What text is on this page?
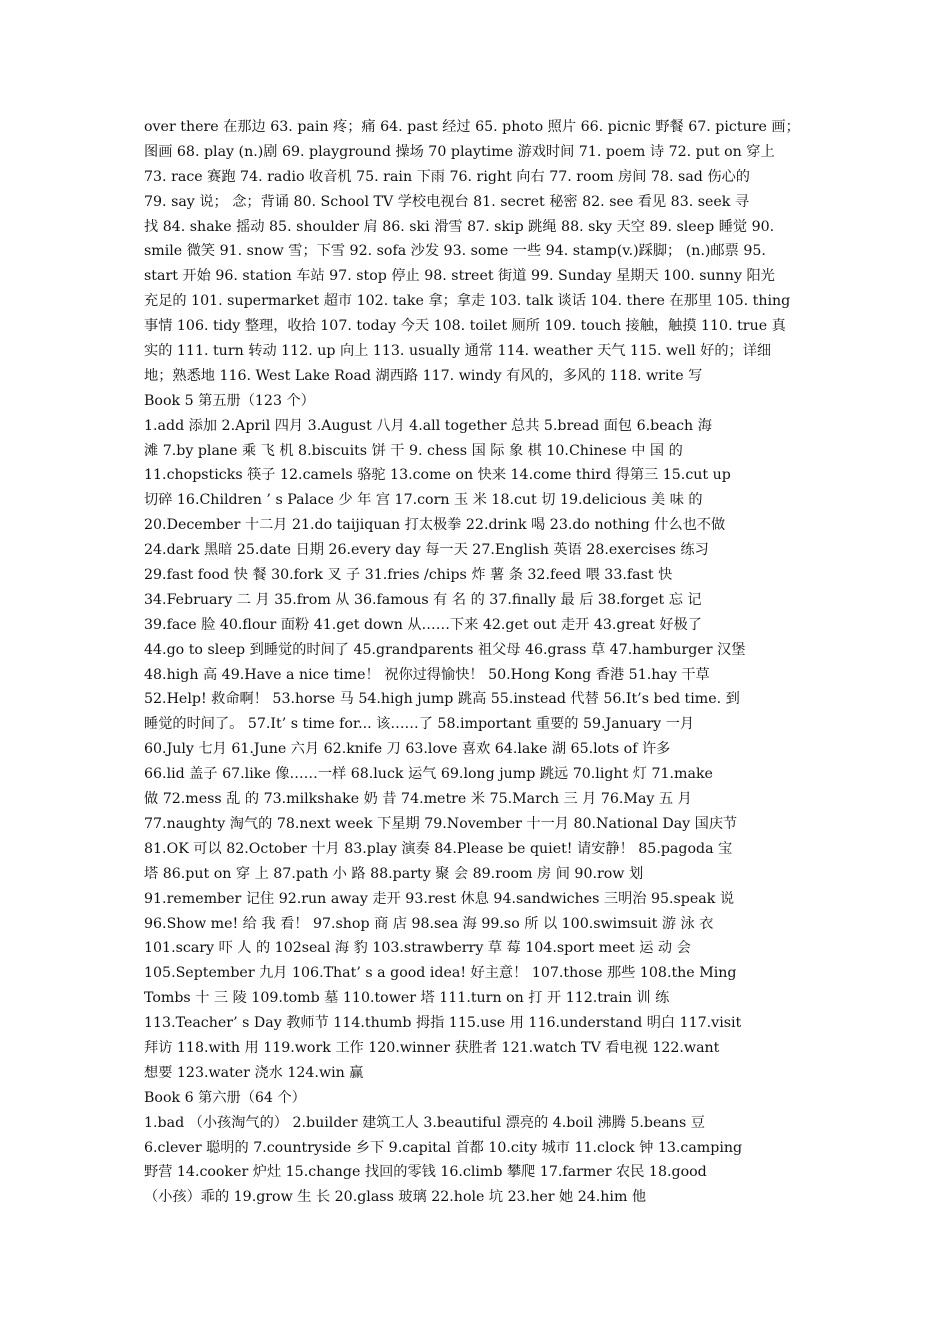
over there 在那边 63. pain 疼；痛 64. past 经过 65. photo 照片 66. picnic 野餐 67. picture 画；
图画 68. play (n.)剧 69. playground 操场 70 playtime 游戏时间 71. poem 诗 72. put on 穿上
73. race 赛跑 74. radio 收音机 75. rain 下雨 76. right 向右 77. room 房间 78. sad 伤心的
79. say 说； 念；背诵 80. School TV 学校电视台 81. secret 秘密 82. see 看见 83. seek 寻
找 84. shake 摇动 85. shoulder 肩 86. ski 滑雪 87. skip 跳绳 88. sky 天空 89. sleep 睡觉 90.
smile 微笑 91. snow 雪；下雪 92. sofa 沙发 93. some 一些 94. stamp(v.)踩脚； (n.)邮票 95.
start 开始 96. station 车站 97. stop 停止 98. street 街道 99. Sunday 星期天 100. sunny 阳光
充足的 101. supermarket 超市 102. take 拿；拿走 103. talk 谈话 104. there 在那里 105. thing
事情 106. tidy 整理，收拾 107. today 今天 108. toilet 厕所 109. touch 接触，触摸 110. true 真
实的 111. turn 转动 112. up 向上 113. usually 通常 114. weather 天气 115. well 好的；详细
地；熟悉地 116. West Lake Road 湖西路 117. windy 有风的，多风的 118. write 写
Book 5 第五册（123 个）
1.add 添加 2.April 四月 3.August 八月 4.all together 总共 5.bread 面包 6.beach 海
滩 7.by plane 乘 飞 机 8.biscuits 饼 干 9. chess 国 际 象 棋 10.Chinese 中 国 的
11.chopsticks 筷子 12.camels 骆驼 13.come on 快来 14.come third 得第三 15.cut up
切碎 16.Children ’ s Palace 少 年 宫 17.corn 玉 米 18.cut 切 19.delicious 美 味 的
20.December 十二月 21.do taijiquan 打太极拳 22.drink 喝 23.do nothing 什么也不做
24.dark 黑暗 25.date 日期 26.every day 每一天 27.English 英语 28.exercises 练习
29.fast food 快 餐 30.fork 叉 子 31.fries /chips 炸 薯 条 32.feed 喂 33.fast 快
34.February 二 月 35.from 从 36.famous 有 名 的 37.finally 最 后 38.forget 忘 记
39.face 脸 40.flour 面粉 41.get down 从……下来 42.get out 走开 43.great 好极了
44.go to sleep 到睡觉的时间了 45.grandparents 祖父母 46.grass 草 47.hamburger 汉堡
48.high 高 49.Have a nice time！ 祝你过得愉快！ 50.Hong Kong 香港 51.hay 干草
52.Help! 救命啊！ 53.horse 马 54.high jump 跳高 55.instead 代替 56.It’s bed time. 到
睡觉的时间了。 57.It’ s time for... 该……了 58.important 重要的 59.January 一月
60.July 七月 61.June 六月 62.knife 刀 63.love 喜欢 64.lake 湖 65.lots of 许多
66.lid 盖子 67.like 像……一样 68.luck 运气 69.long jump 跳远 70.light 灯 71.make
做 72.mess 乱 的 73.milkshake 奶 昔 74.metre 米 75.March 三 月 76.May 五 月
77.naughty 淘气的 78.next week 下星期 79.November 十一月 80.National Day 国庆节
81.OK 可以 82.October 十月 83.play 演奏 84.Please be quiet! 请安静！ 85.pagoda 宝
塔 86.put on 穿 上 87.path 小 路 88.party 聚 会 89.room 房 间 90.row 划
91.remember 记住 92.run away 走开 93.rest 休息 94.sandwiches 三明治 95.speak 说
96.Show me! 给 我 看！ 97.shop 商 店 98.sea 海 99.so 所 以 100.swimsuit 游 泳 衣
101.scary 吓 人 的 102seal 海 豹 103.strawberry 草 莓 104.sport meet 运 动 会
105.September 九月 106.That’ s a good idea! 好主意！ 107.those 那些 108.the Ming
Tombs 十 三 陵 109.tomb 墓 110.tower 塔 111.turn on 打 开 112.train 训 练
113.Teacher’ s Day 教师节 114.thumb 拇指 115.use 用 116.understand 明白 117.visit
拜访 118.with 用 119.work 工作 120.winner 获胜者 121.watch TV 看电视 122.want
想要 123.water 浇水 124.win 赢
Book 6 第六册（64 个）
1.bad （小孩淘气的） 2.builder 建筑工人 3.beautiful 漂亮的 4.boil 沸腾 5.beans 豆
6.clever 聪明的 7.countryside 乡下 9.capital 首都 10.city 城市 11.clock 钟 13.camping
野营 14.cooker 炉灶 15.change 找回的零钱 16.climb 攀爬 17.farmer 农民 18.good
（小孩）乖的 19.grow 生 长 20.glass 玻璃 22.hole 坑 23.her 她 24.him 他
